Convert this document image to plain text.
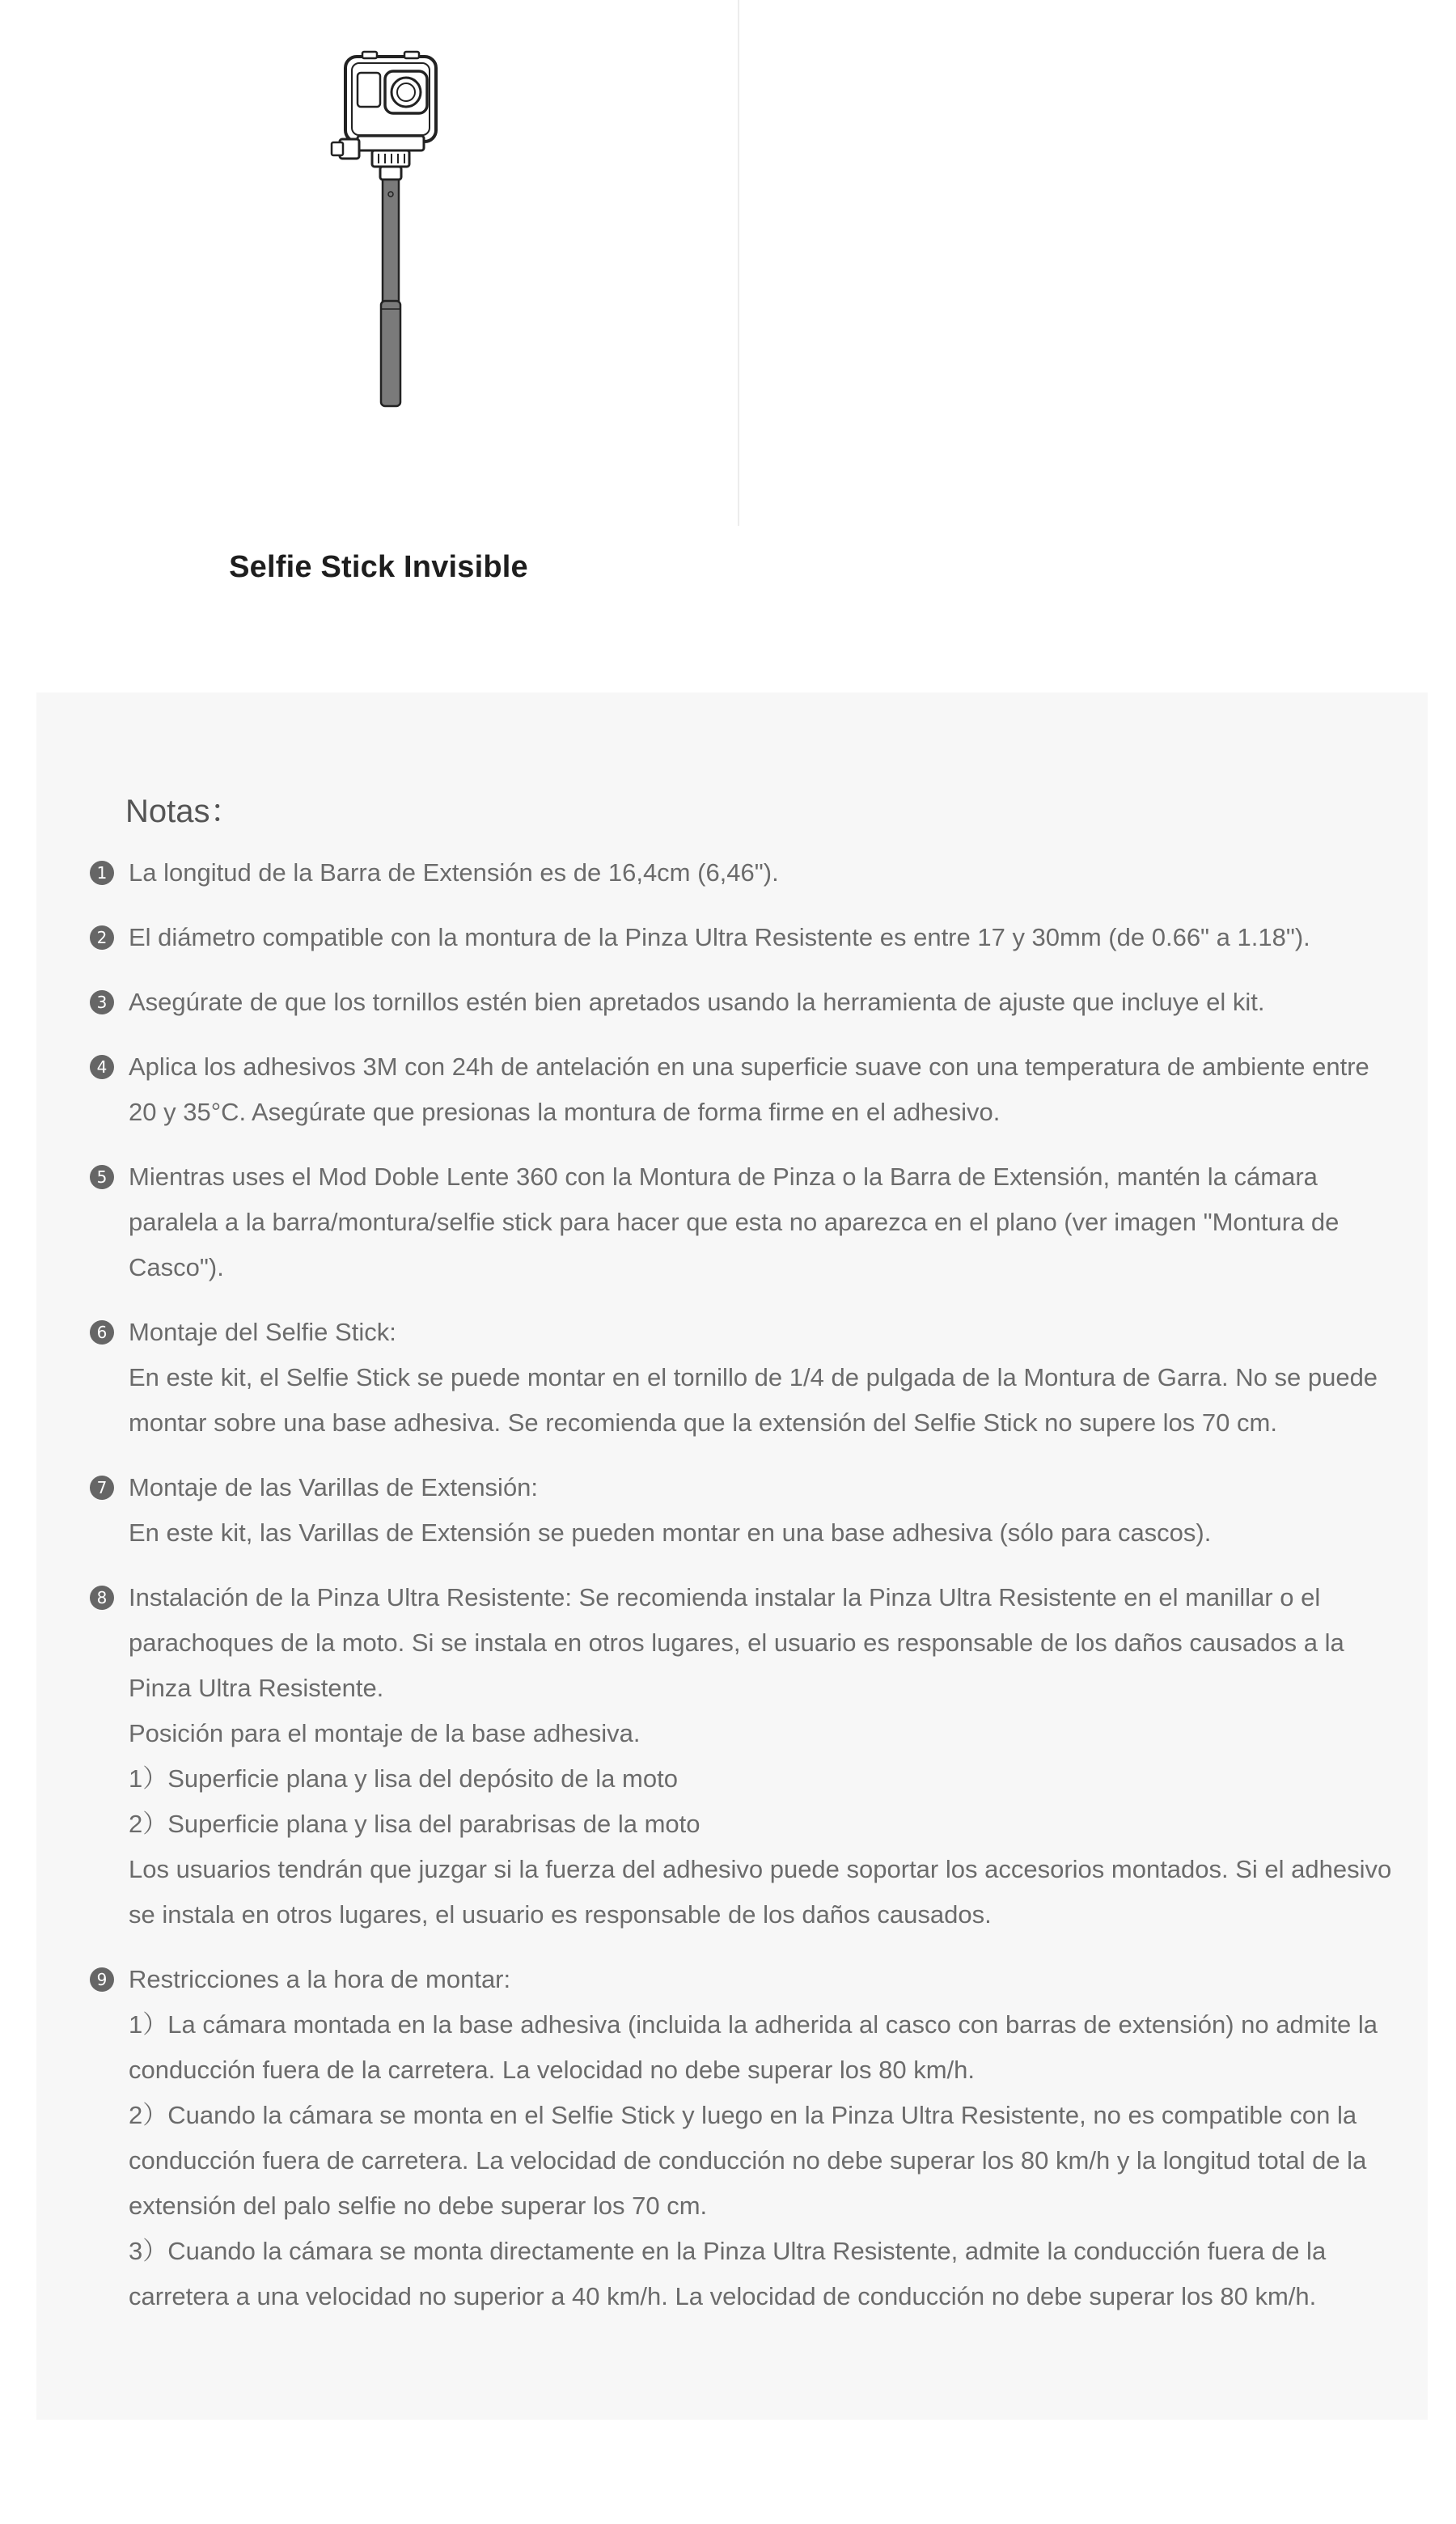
Selfie Stick Invisible
Notas：
1 La longitud de la Barra de Extensión es de 16,4cm (6,46").
2 El diámetro compatible con la montura de la Pinza Ultra Resistente es entre 17 y 30mm (de 0.66" a 1.18").
3 Asegúrate de que los tornillos estén bien apretados usando la herramienta de ajuste que incluye el kit.
4 Aplica los adhesivos 3M con 24h de antelación en una superficie suave con una temperatura de ambiente entre 20 y 35°C. Asegúrate que presionas la montura de forma firme en el adhesivo.
5 Mientras uses el Mod Doble Lente 360 con la Montura de Pinza o la Barra de Extensión, mantén la cámara paralela a la barra/montura/selfie stick para hacer que esta no aparezca en el plano (ver imagen "Montura de Casco").
6 Montaje del Selfie Stick:
En este kit, el Selfie Stick se puede montar en el tornillo de 1/4 de pulgada de la Montura de Garra. No se puede montar sobre una base adhesiva. Se recomienda que la extensión del Selfie Stick no supere los 70 cm.
7 Montaje de las Varillas de Extensión:
En este kit, las Varillas de Extensión se pueden montar en una base adhesiva (sólo para cascos).
8 Instalación de la Pinza Ultra Resistente: Se recomienda instalar la Pinza Ultra Resistente en el manillar o el parachoques de la moto. Si se instala en otros lugares, el usuario es responsable de los daños causados a la Pinza Ultra Resistente.
Posición para el montaje de la base adhesiva.
1）Superficie plana y lisa del depósito de la moto
2）Superficie plana y lisa del parabrisas de la moto
Los usuarios tendrán que juzgar si la fuerza del adhesivo puede soportar los accesorios montados. Si el adhesivo se instala en otros lugares, el usuario es responsable de los daños causados.
9 Restricciones a la hora de montar:
1）La cámara montada en la base adhesiva (incluida la adherida al casco con barras de extensión) no admite la conducción fuera de la carretera. La velocidad no debe superar los 80 km/h.
2）Cuando la cámara se monta en el Selfie Stick y luego en la Pinza Ultra Resistente, no es compatible con la conducción fuera de carretera. La velocidad de conducción no debe superar los 80 km/h y la longitud total de la extensión del palo selfie no debe superar los 70 cm.
3）Cuando la cámara se monta directamente en la Pinza Ultra Resistente, admite la conducción fuera de la carretera a una velocidad no superior a 40 km/h. La velocidad de conducción no debe superar los 80 km/h.
